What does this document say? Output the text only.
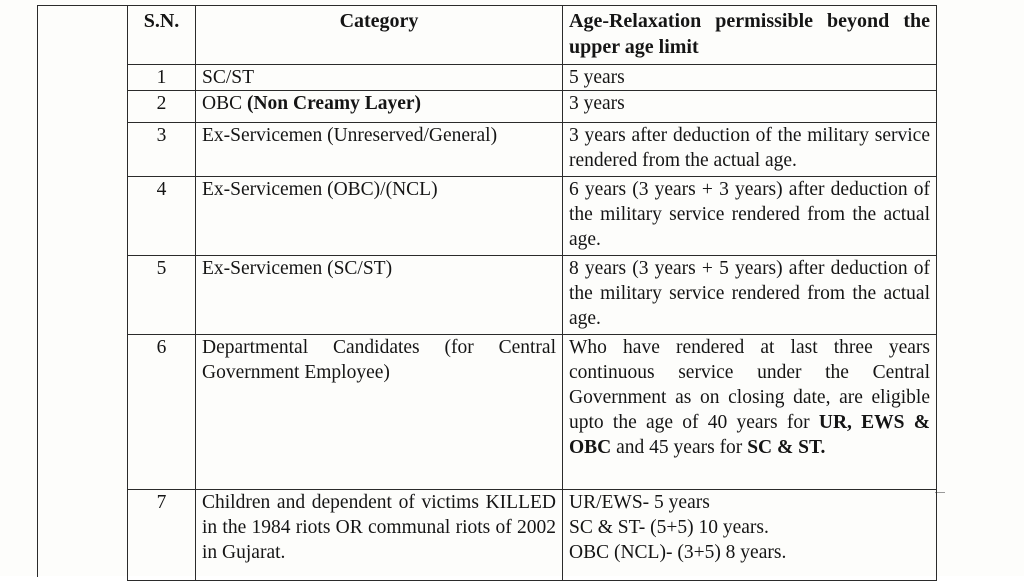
S.N.	Category	Age-Relaxation permissible beyond the upper age limit
1	SC/ST	5 years
2	OBC (Non Creamy Layer)	3 years
3	Ex-Servicemen (Unreserved/General)	3 years after deduction of the military service rendered from the actual age.
4	Ex-Servicemen (OBC)/(NCL)	6 years (3 years + 3 years) after deduction of the military service rendered from the actual age.
5	Ex-Servicemen (SC/ST)	8 years (3 years + 5 years) after deduction of the military service rendered from the actual age.
6	Departmental Candidates (for Central Government Employee)	Who have rendered at last three years continuous service under the Central Government as on closing date, are eligible upto the age of 40 years for UR, EWS & OBC and 45 years for SC & ST.
7	Children and dependent of victims KILLED in the 1984 riots OR communal riots of 2002 in Gujarat.	UR/EWS- 5 years
SC & ST- (5+5) 10 years.
OBC (NCL)- (3+5) 8 years.
